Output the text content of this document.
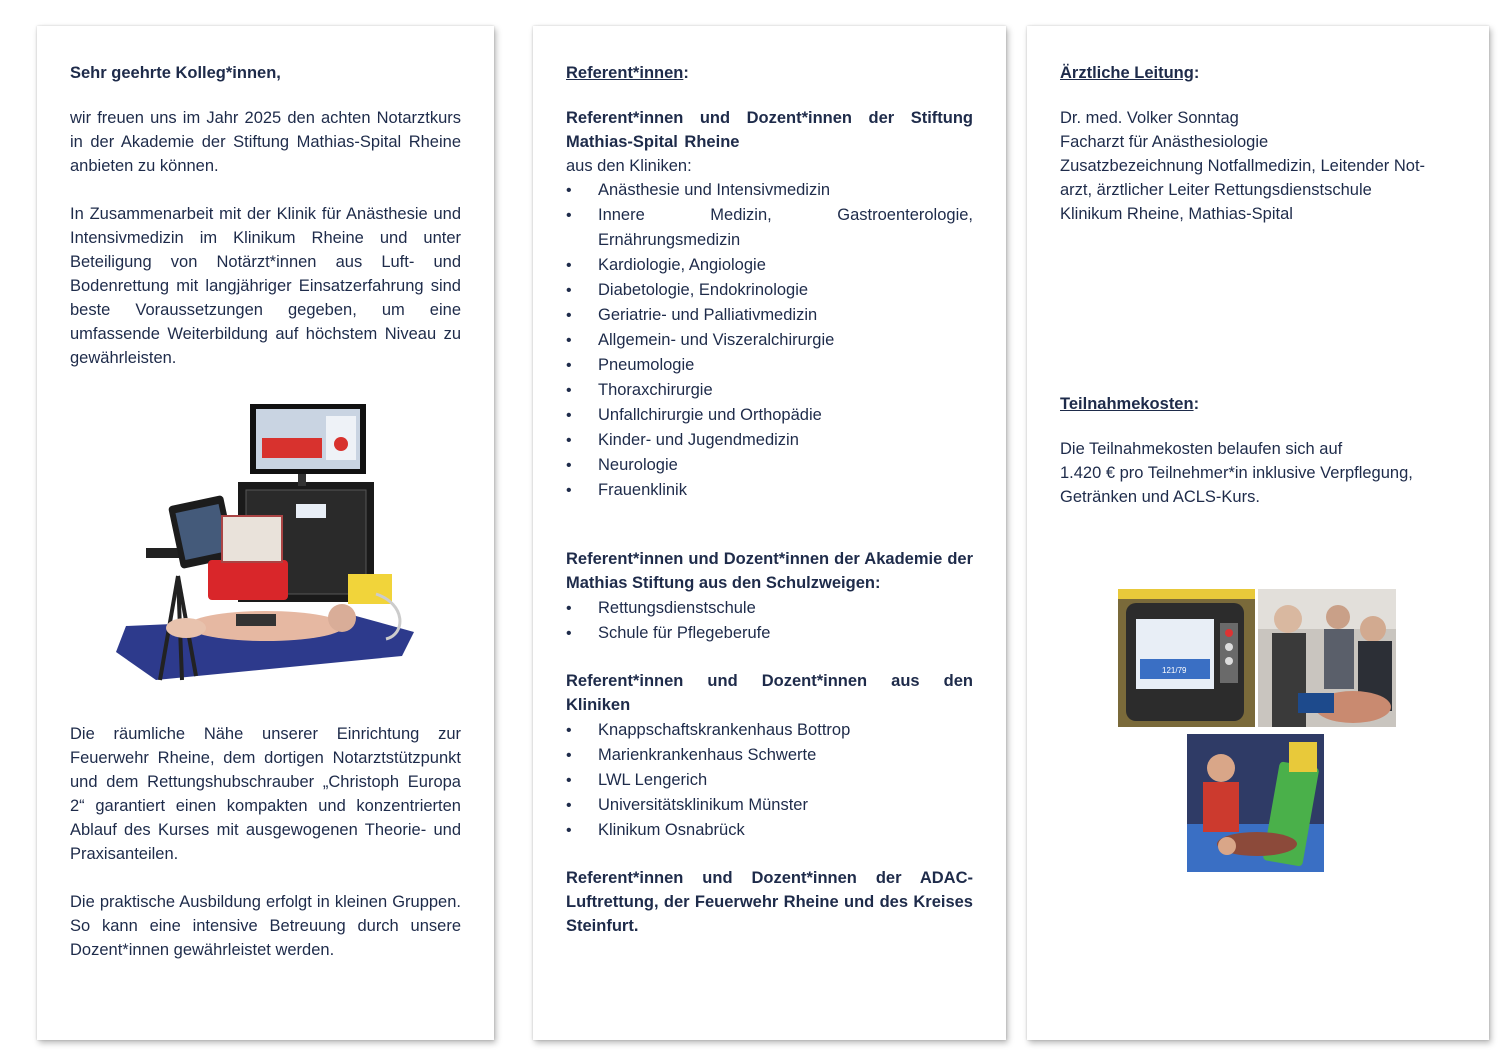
Sehr geehrte Kolleg*innen,

wir freuen uns im Jahr 2025 den achten Notarztkurs in der Akademie der Stiftung Mathias-Spital Rheine anbieten zu können.

In Zusammenarbeit mit der Klinik für Anästhesie und Intensivmedizin im Klinikum Rheine und unter Beteiligung von Notärzt*innen aus Luft- und Bodenrettung mit langjähriger Einsatzerfahrung sind beste Voraussetzungen gegeben, um eine umfassende Weiterbildung auf höchstem Niveau zu gewährleisten.

Die räumliche Nähe unserer Einrichtung zur Feuerwehr Rheine, dem dortigen Notarztstützpunkt und dem Rettungshubschrauber „Christoph Europa 2“ garantiert einen kompakten und konzentrierten Ablauf des Kurses mit ausgewogenen Theorie- und Praxisanteilen.

Die praktische Ausbildung erfolgt in kleinen Gruppen. So kann eine intensive Betreuung durch unsere Dozent*innen gewährleistet werden.

Referent*innen:

Referent*innen und Dozent*innen der Stiftung Mathias-Spital Rheine

aus den Kliniken:

• Anästhesie und Intensivmedizin
• Innere Medizin, Gastroenterologie, Ernährungsmedizin
• Kardiologie, Angiologie
• Diabetologie, Endokrinologie
• Geriatrie- und Palliativmedizin
• Allgemein- und Viszeralchirurgie
• Pneumologie
• Thoraxchirurgie
• Unfallchirurgie und Orthopädie
• Kinder- und Jugendmedizin
• Neurologie
• Frauenklinik

Referent*innen und Dozent*innen der Akademie der Mathias Stiftung aus den Schulzweigen:

• Rettungsdienstschule
• Schule für Pflegeberufe

Referent*innen und Dozent*innen aus den Kliniken

• Knappschaftskrankenhaus Bottrop
• Marienkrankenhaus Schwerte
• LWL Lengerich
• Universitätsklinikum Münster
• Klinikum Osnabrück

Referent*innen und Dozent*innen der ADAC-Luftrettung, der Feuerwehr Rheine und des Kreises Steinfurt.

Ärztliche Leitung:

Dr. med. Volker Sonntag

Facharzt für Anästhesiologie

Zusatzbezeichnung Notfallmedizin, Leitender Not-

arzt, ärztlicher Leiter Rettungsdienstschule

Klinikum Rheine, Mathias-Spital

Teilnahmekosten:

Die Teilnahmekosten belaufen sich auf

1.420 € pro Teilnehmer*in inklusive Verpflegung,

Getränken und ACLS-Kurs.

121/79
